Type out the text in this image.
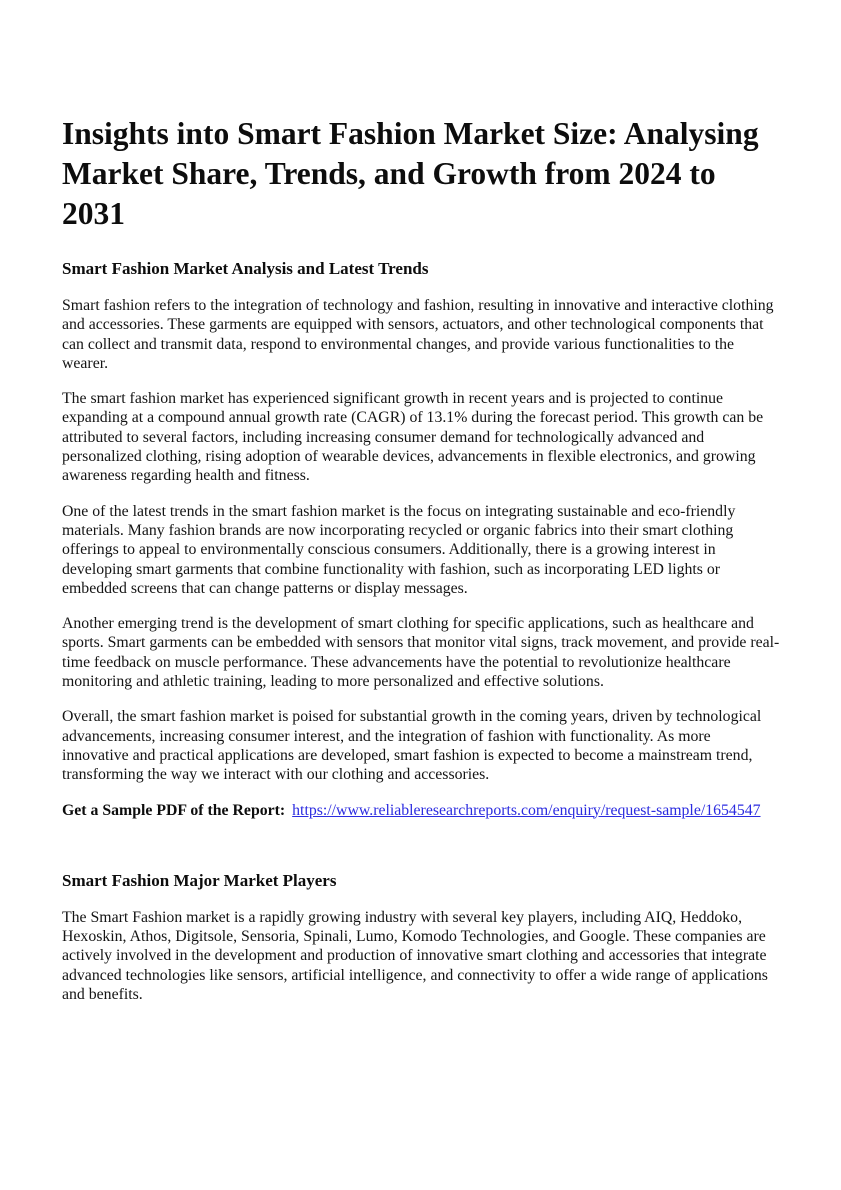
Insights into Smart Fashion Market Size: Analysing Market Share, Trends, and Growth from 2024 to 2031
Smart Fashion Market Analysis and Latest Trends

Smart fashion refers to the integration of technology and fashion, resulting in innovative and interactive clothing and accessories. These garments are equipped with sensors, actuators, and other technological components that can collect and transmit data, respond to environmental changes, and provide various functionalities to the wearer.

The smart fashion market has experienced significant growth in recent years and is projected to continue expanding at a compound annual growth rate (CAGR) of 13.1% during the forecast period. This growth can be attributed to several factors, including increasing consumer demand for technologically advanced and personalized clothing, rising adoption of wearable devices, advancements in flexible electronics, and growing awareness regarding health and fitness.

One of the latest trends in the smart fashion market is the focus on integrating sustainable and eco-friendly materials. Many fashion brands are now incorporating recycled or organic fabrics into their smart clothing offerings to appeal to environmentally conscious consumers. Additionally, there is a growing interest in developing smart garments that combine functionality with fashion, such as incorporating LED lights or embedded screens that can change patterns or display messages.

Another emerging trend is the development of smart clothing for specific applications, such as healthcare and sports. Smart garments can be embedded with sensors that monitor vital signs, track movement, and provide real-time feedback on muscle performance. These advancements have the potential to revolutionize healthcare monitoring and athletic training, leading to more personalized and effective solutions.

Overall, the smart fashion market is poised for substantial growth in the coming years, driven by technological advancements, increasing consumer interest, and the integration of fashion with functionality. As more innovative and practical applications are developed, smart fashion is expected to become a mainstream trend, transforming the way we interact with our clothing and accessories.

Get a Sample PDF of the Report: https://www.reliableresearchreports.com/enquiry/request-sample/1654547

Smart Fashion Major Market Players

The Smart Fashion market is a rapidly growing industry with several key players, including AIQ, Heddoko, Hexoskin, Athos, Digitsole, Sensoria, Spinali, Lumo, Komodo Technologies, and Google. These companies are actively involved in the development and production of innovative smart clothing and accessories that integrate advanced technologies like sensors, artificial intelligence, and connectivity to offer a wide range of applications and benefits.
